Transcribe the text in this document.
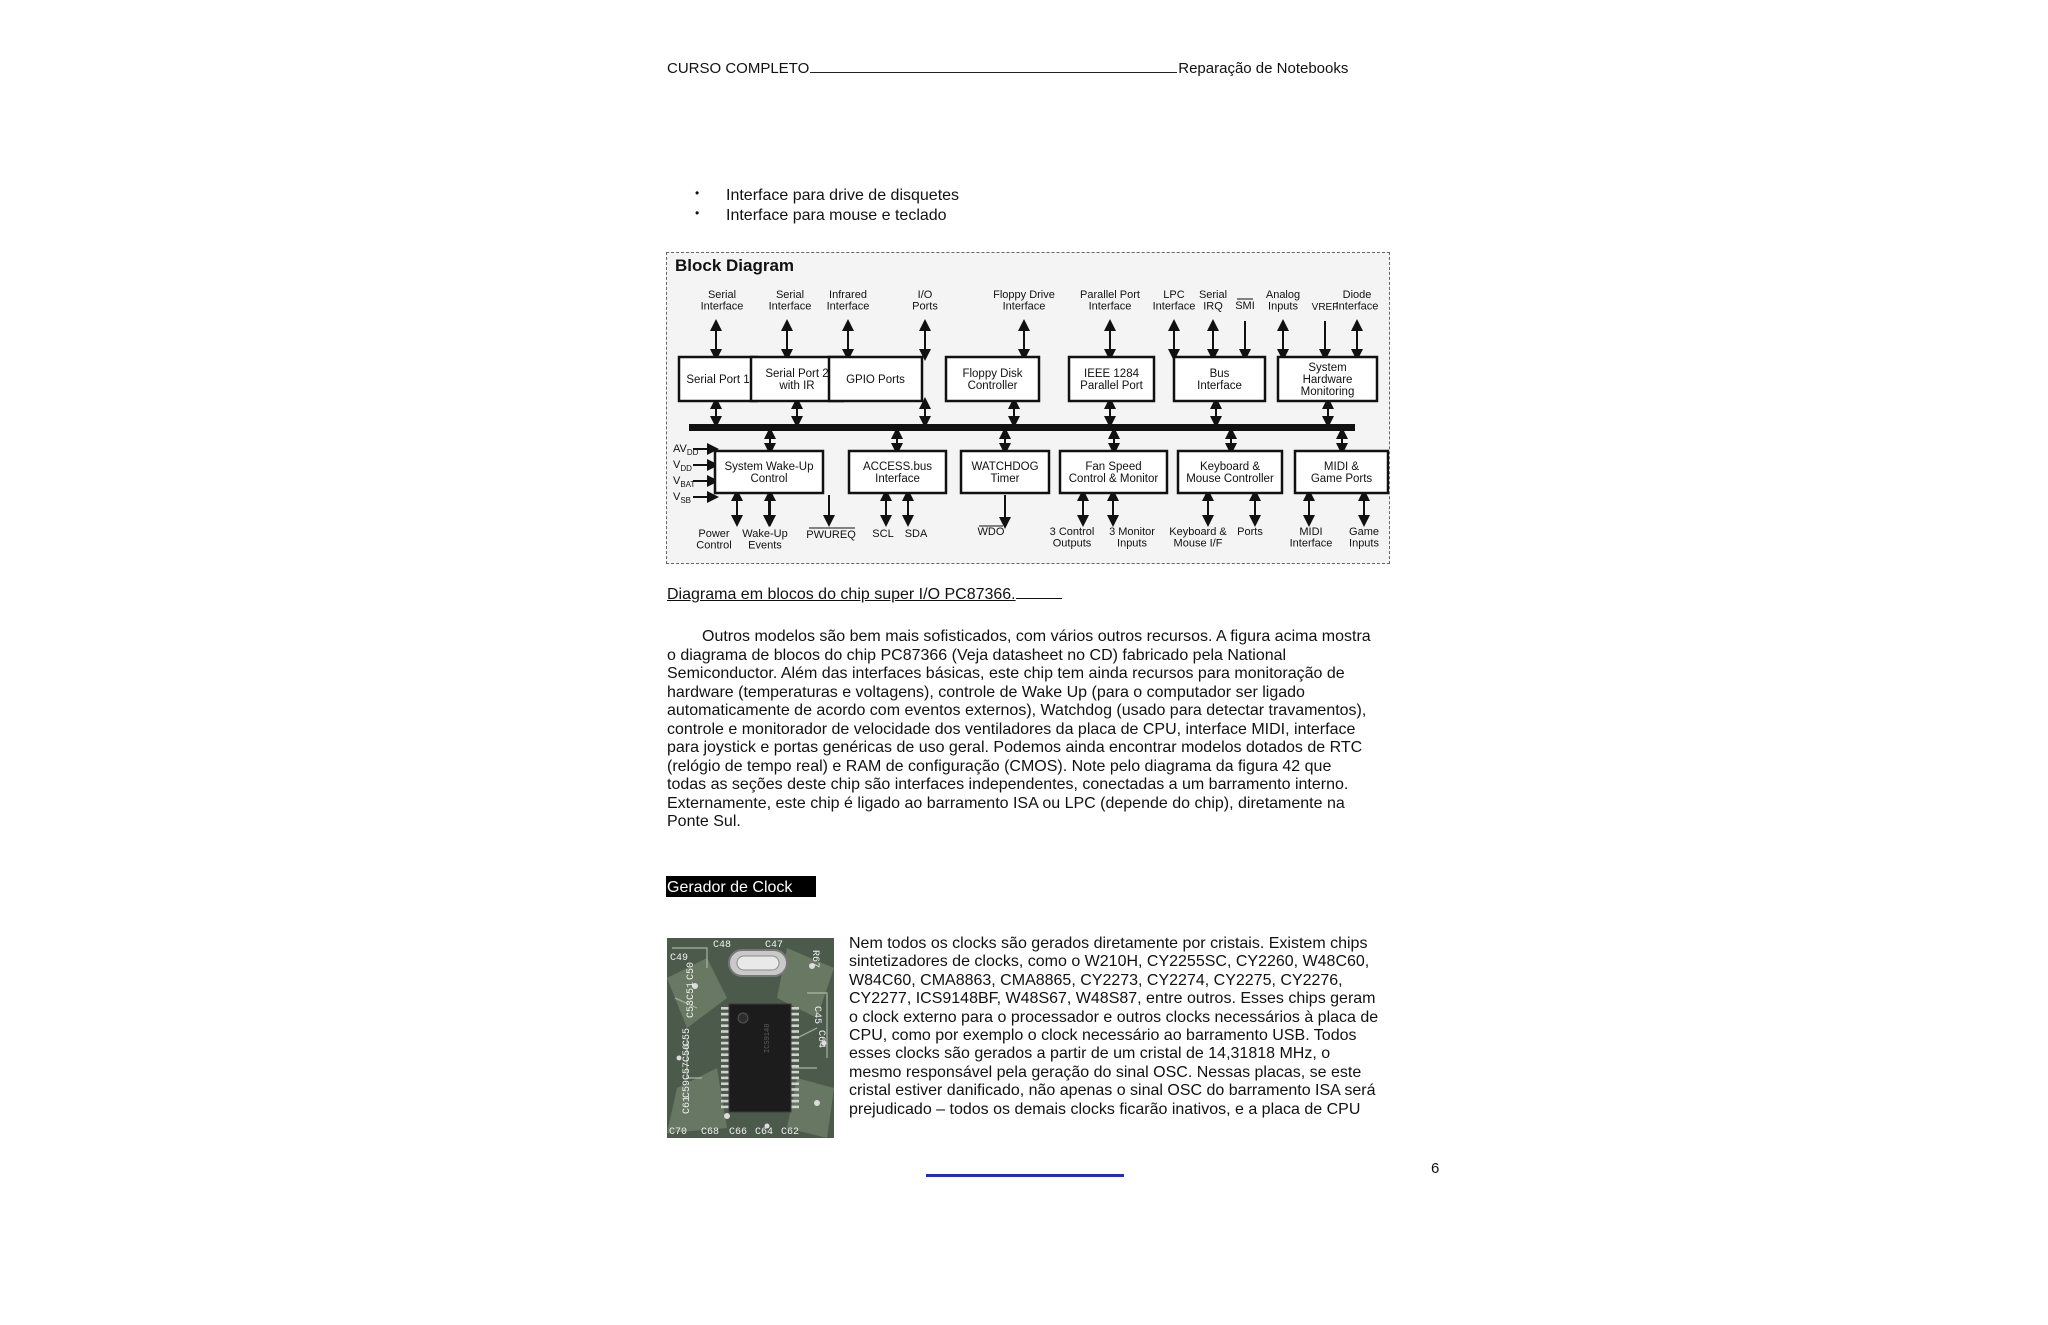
CURSO COMPLETO	Reparação de Notebooks
• Interface para drive de disquetes
• Interface para mouse e teclado
Block Diagram
Serial Interface
Serial Interface
Infrared Interface
I/O Ports
Floppy Drive Interface
Parallel Port Interface
LPC Interface
Serial IRQ
Analog Inputs
Diode Interface
SMI	VREF
Serial Port 1 Serial Port 2 with IR	GPIO Ports	Floppy Disk Controller
IEEE 1284 Parallel Port
Bus Interface
System Hardware Monitoring
System Wake-Up Control
ACCESS.bus Interface
WATCHDOG Timer
Fan Speed Control & Monitor
Keyboard & Mouse Controller
MIDI & Game Ports
$AV_{DD}$
$V_{DD}$
$V_{BAT}$
$V_{SB}$
Power Control
Wake-Up Events
SCL SDA	3 Control Outputs
3 Monitor Inputs
Keyboard & Mouse I/F
Ports	MIDI Interface
Game Inputs
PWUREQ	WDO
Diagrama em blocos do chip super I/O PC87366.

Outros modelos são bem mais sofisticados, com vários outros recursos. A figura acima mostra o diagrama de blocos do chip PC87366 (Veja datasheet no CD) fabricado pela National Semiconductor. Além das interfaces básicas, este chip tem ainda recursos para monitoração de hardware (temperaturas e voltagens), controle de Wake Up (para o computador ser ligado automaticamente de acordo com eventos externos), Watchdog (usado para detectar travamentos), controle e monitorador de velocidade dos ventiladores da placa de CPU, interface MIDI, interface para joystick e portas genéricas de uso geral. Podemos ainda encontrar modelos dotados de RTC (relógio de tempo real) e RAM de configuração (CMOS). Note pelo diagrama da figura 42 que todas as seções deste chip são interfaces independentes, conectadas a um barramento interno. Externamente, este chip é ligado ao barramento ISA ou LPC (depende do chip), diretamente na Ponte Sul.

Gerador de Clock
ICS9148
C48	C47
C49
C50
C51
C53
C55
C56
C57
C59
C61
C45
R67
C64
C70 C68 C66 C64 C62

Nem todos os clocks são gerados diretamente por cristais. Existem chips sintetizadores de clocks, como o W210H, CY2255SC, CY2260, W48C60, W84C60, CMA8863, CMA8865, CY2273, CY2274, CY2275, CY2276, CY2277, ICS9148BF, W48S67, W48S87, entre outros. Esses chips geram o clock externo para o processador e outros clocks necessários à placa de CPU, como por exemplo o clock necessário ao barramento USB. Todos esses clocks são gerados a partir de um cristal de 14,31818 MHz, o mesmo responsável pela geração do sinal OSC. Nessas placas, se este cristal estiver danificado, não apenas o sinal OSC do barramento ISA será prejudicado – todos os demais clocks ficarão inativos, e a placa de CPU

6
